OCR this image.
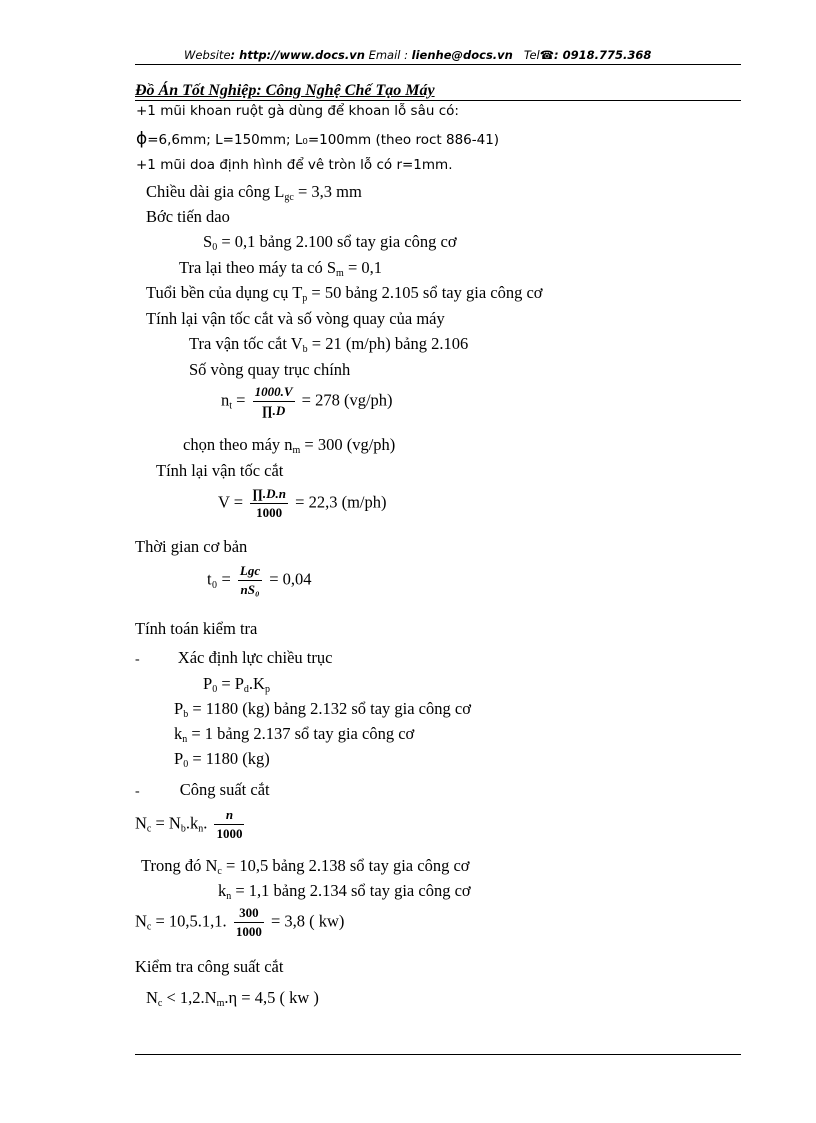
Website: http://www.docs.vn Email : lienhe@docs.vn Tel☎: 0918.775.368
Đồ Án Tốt Nghiệp: Công Nghệ Chế Tạo Máy
+1 mũi khoan ruột gà dùng để khoan lỗ sâu có:
ϕ=6,6mm; L=150mm; L₀=100mm (theo roct 886-41)
+1 mũi doa định hình để vê tròn lỗ có r=1mm.
Chiều dài gia công $L_{gc} = 3,3$ mm
Bớc tiến dao
$S_0 = 0,1$ bảng 2.100 sổ tay gia công cơ
Tra lại theo máy ta có $S_m = 0,1$
Tuổi bền của dụng cụ $T_p = 50$ bảng 2.105 sổ tay gia công cơ
Tính lại vận tốc cắt và số vòng quay của máy
Tra vận tốc cắt $V_b = 21$ (m/ph) bảng 2.106
Số vòng quay trục chính
$n_t = \frac{1000.V}{\prod.D} = 278$ (vg/ph)
chọn theo máy $n_m = 300$ (vg/ph)
Tính lại vận tốc cắt
$V = \frac{\prod.D.n}{1000} = 22,3$ (m/ph)
Thời gian cơ bản
$t_0 = \frac{\text{Lgc}}{\text{nS₀}} = 0,04$
Tính toán kiểm tra
- Xác định lực chiều trục
$P_0 = P_d.K_p$
$P_b = 1180$ (kg) bảng 2.132 sổ tay gia công cơ
$k_n = 1$ bảng 2.137 sổ tay gia công cơ
$P_0 = 1180$ (kg)
- Công suất cắt
$N_c = N_b.k_n$. $\frac{n}{1000}$
Trong đó $N_c = 10,5$ bảng 2.138 sổ tay gia công cơ
$k_n = 1,1$ bảng 2.134 sổ tay gia công cơ
$N_c = 10,5.1,1$. $\frac{300}{1000} = 3,8$ ( kw)
Kiểm tra công suất cắt
$N_c < 1,2.N_m.\eta = 4,5$ ( kw )
